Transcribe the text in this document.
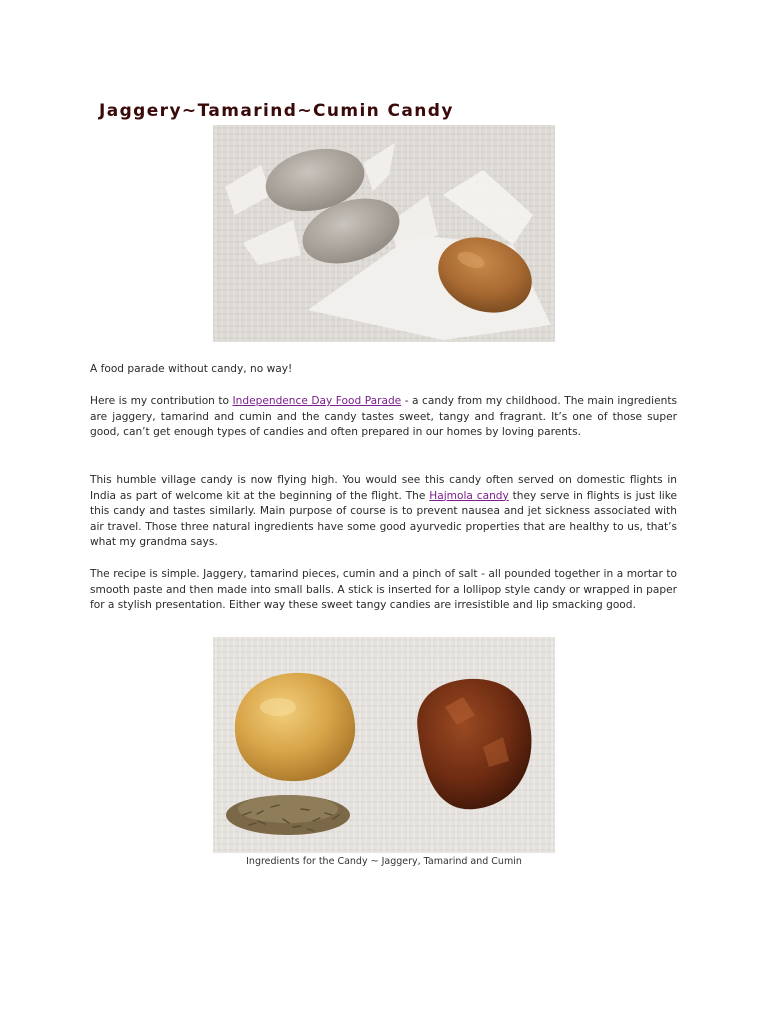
Jaggery~Tamarind~Cumin Candy

A food parade without candy, no way!

Here is my contribution to Independence Day Food Parade - a candy from my childhood. The main ingredients are jaggery, tamarind and cumin and the candy tastes sweet, tangy and fragrant. It’s one of those super good, can’t get enough types of candies and often prepared in our homes by loving parents.

This humble village candy is now flying high. You would see this candy often served on domestic flights in India as part of welcome kit at the beginning of the flight. The Hajmola candy they serve in flights is just like this candy and tastes similarly. Main purpose of course is to prevent nausea and jet sickness associated with air travel. Those three natural ingredients have some good ayurvedic properties that are healthy to us, that’s what my grandma says.

The recipe is simple. Jaggery, tamarind pieces, cumin and a pinch of salt - all pounded together in a mortar to smooth paste and then made into small balls. A stick is inserted for a lollipop style candy or wrapped in paper for a stylish presentation. Either way these sweet tangy candies are irresistible and lip smacking good.

Ingredients for the Candy ~ Jaggery, Tamarind and Cumin
